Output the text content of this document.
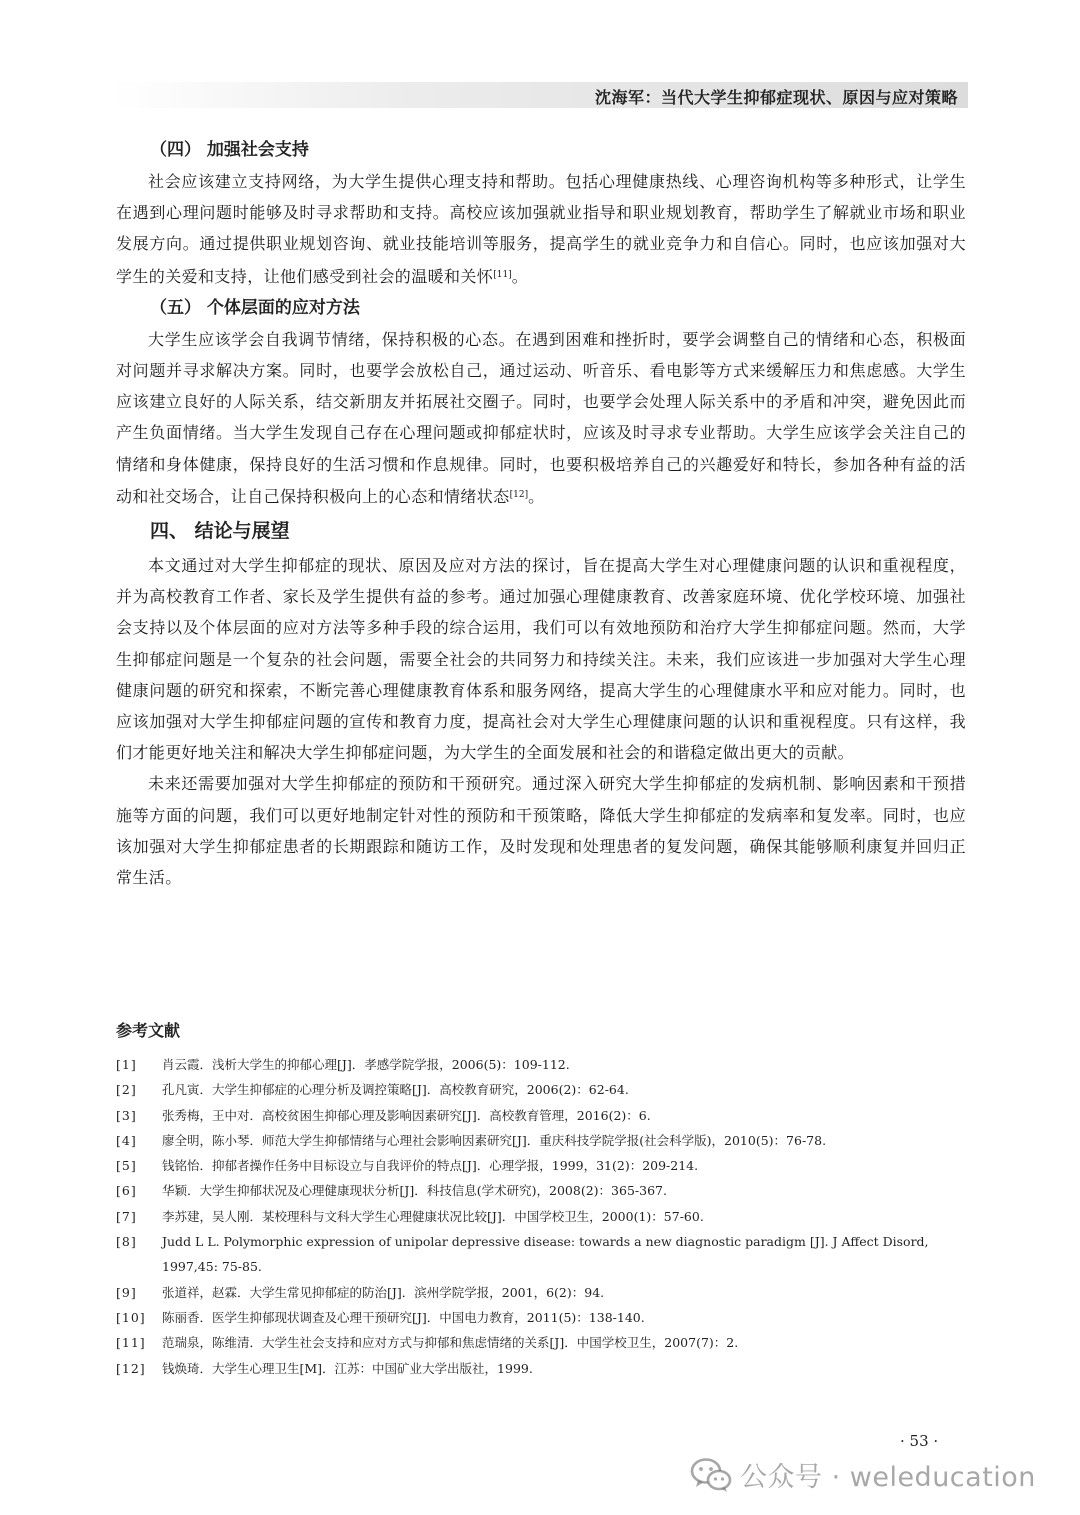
沈海军：当代大学生抑郁症现状、原因与应对策略
（四） 加强社会支持

社会应该建立支持网络，为大学生提供心理支持和帮助。包括心理健康热线、心理咨询机构等多种形式，让学生在遇到心理问题时能够及时寻求帮助和支持。高校应该加强就业指导和职业规划教育，帮助学生了解就业市场和职业发展方向。通过提供职业规划咨询、就业技能培训等服务，提高学生的就业竞争力和自信心。同时，也应该加强对大学生的关爱和支持，让他们感受到社会的温暖和关怀[11]。

（五） 个体层面的应对方法

大学生应该学会自我调节情绪，保持积极的心态。在遇到困难和挫折时，要学会调整自己的情绪和心态，积极面对问题并寻求解决方案。同时，也要学会放松自己，通过运动、听音乐、看电影等方式来缓解压力和焦虑感。大学生应该建立良好的人际关系，结交新朋友并拓展社交圈子。同时，也要学会处理人际关系中的矛盾和冲突，避免因此而产生负面情绪。当大学生发现自己存在心理问题或抑郁症状时，应该及时寻求专业帮助。大学生应该学会关注自己的情绪和身体健康，保持良好的生活习惯和作息规律。同时，也要积极培养自己的兴趣爱好和特长，参加各种有益的活动和社交场合，让自己保持积极向上的心态和情绪状态[12]。

四、 结论与展望

本文通过对大学生抑郁症的现状、原因及应对方法的探讨，旨在提高大学生对心理健康问题的认识和重视程度，并为高校教育工作者、家长及学生提供有益的参考。通过加强心理健康教育、改善家庭环境、优化学校环境、加强社会支持以及个体层面的应对方法等多种手段的综合运用，我们可以有效地预防和治疗大学生抑郁症问题。然而，大学生抑郁症问题是一个复杂的社会问题，需要全社会的共同努力和持续关注。未来，我们应该进一步加强对大学生心理健康问题的研究和探索，不断完善心理健康教育体系和服务网络，提高大学生的心理健康水平和应对能力。同时，也应该加强对大学生抑郁症问题的宣传和教育力度，提高社会对大学生心理健康问题的认识和重视程度。只有这样，我们才能更好地关注和解决大学生抑郁症问题，为大学生的全面发展和社会的和谐稳定做出更大的贡献。

未来还需要加强对大学生抑郁症的预防和干预研究。通过深入研究大学生抑郁症的发病机制、影响因素和干预措施等方面的问题，我们可以更好地制定针对性的预防和干预策略，降低大学生抑郁症的发病率和复发率。同时，也应该加强对大学生抑郁症患者的长期跟踪和随访工作，及时发现和处理患者的复发问题，确保其能够顺利康复并回归正常生活。

参考文献
[1]	肖云霞．浅析大学生的抑郁心理[J]．孝感学院学报，2006(5)：109-112.
[2]	孔凡寅．大学生抑郁症的心理分析及调控策略[J]．高校教育研究，2006(2)：62-64.
[3]	张秀梅，王中对．高校贫困生抑郁心理及影响因素研究[J]．高校教育管理，2016(2)：6.
[4]	廖全明，陈小琴．师范大学生抑郁情绪与心理社会影响因素研究[J]．重庆科技学院学报(社会科学版)，2010(5)：76-78.
[5]	钱铭怡．抑郁者操作任务中目标设立与自我评价的特点[J]．心理学报，1999，31(2)：209-214.
[6]	华颖．大学生抑郁状况及心理健康现状分析[J]．科技信息(学术研究)，2008(2)：365-367.
[7]	李苏建，吴人刚．某校理科与文科大学生心理健康状况比较[J]．中国学校卫生，2000(1)：57-60.
[8]	Judd L L. Polymorphic expression of unipolar depressive disease: towards a new diagnostic paradigm [J]. J Affect Disord, 1997,45: 75-85.
[9]	张道祥，赵霖．大学生常见抑郁症的防治[J]．滨州学院学报，2001，6(2)：94.
[10]	陈丽香．医学生抑郁现状调查及心理干预研究[J]．中国电力教育，2011(5)：138-140.
[11]	范瑞泉，陈维清．大学生社会支持和应对方式与抑郁和焦虑情绪的关系[J]．中国学校卫生，2007(7)：2.
[12]	钱焕琦．大学生心理卫生[M]．江苏：中国矿业大学出版社，1999.
· 53 ·
公众号 · weleducation
